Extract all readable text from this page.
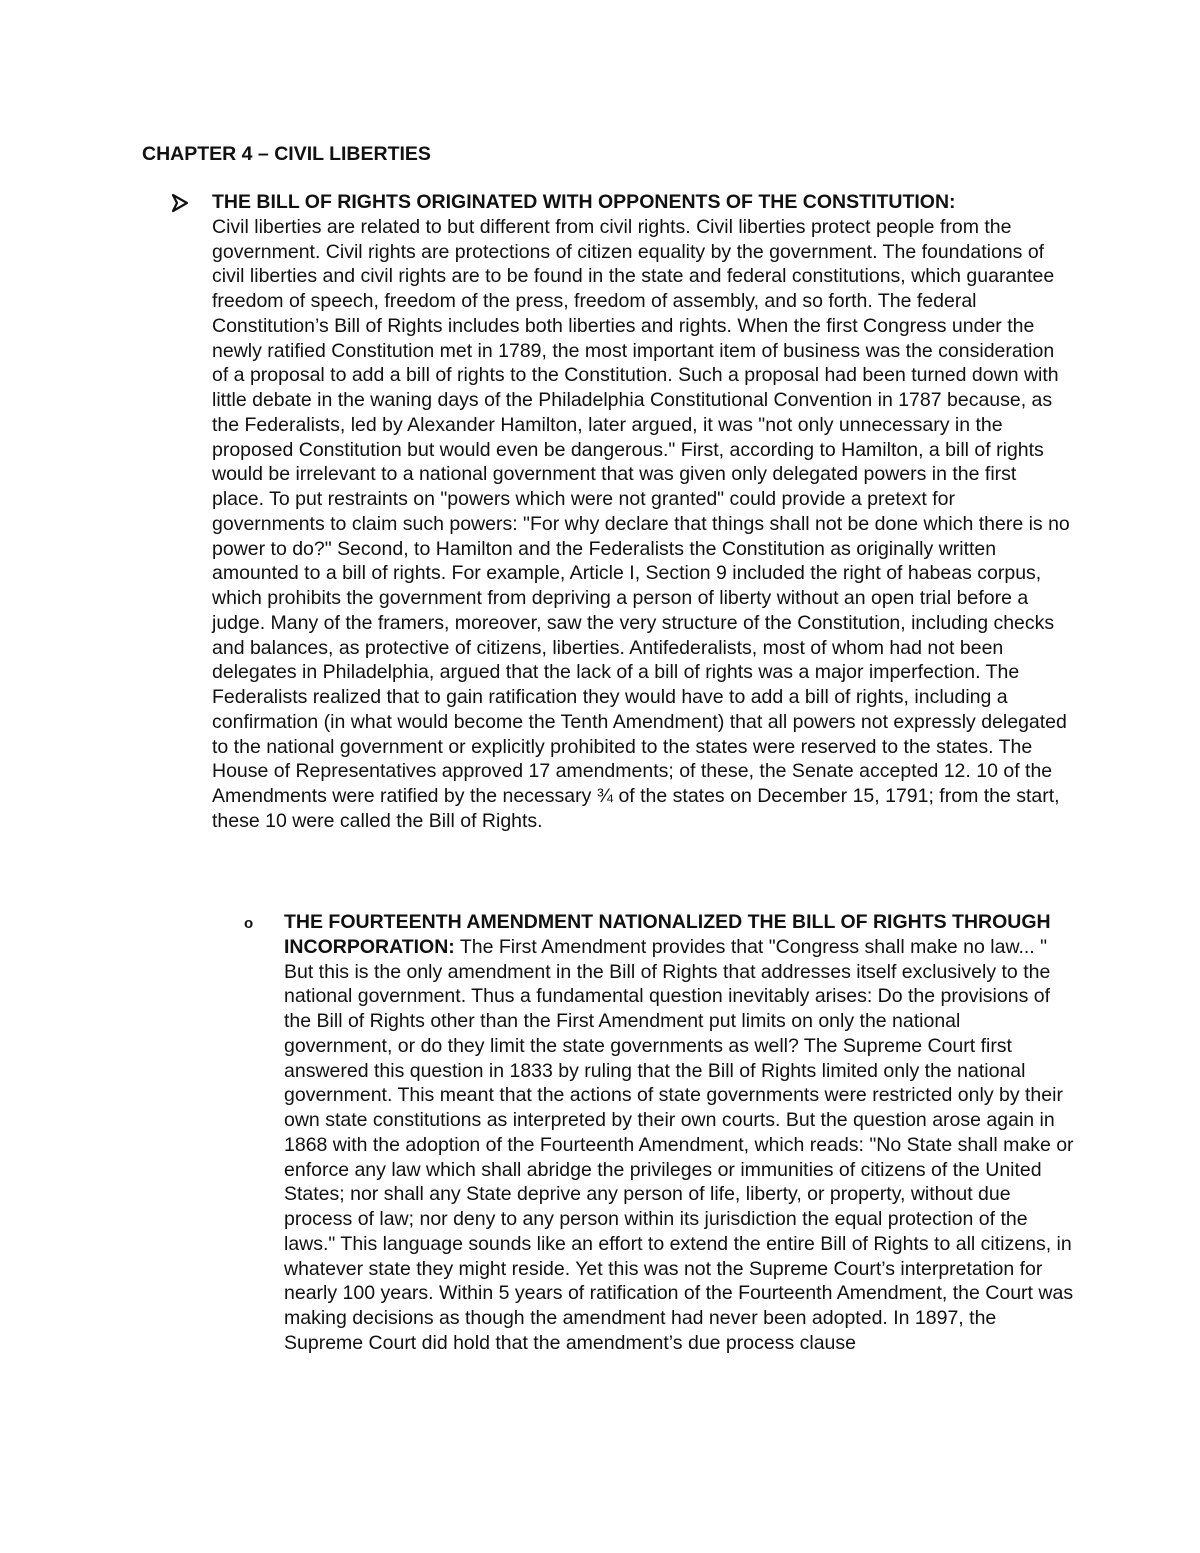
CHAPTER 4 – CIVIL LIBERTIES

THE BILL OF RIGHTS ORIGINATED WITH OPPONENTS OF THE CONSTITUTION:
Civil liberties are related to but different from civil rights. Civil liberties protect people from the government. Civil rights are protections of citizen equality by the government. The foundations of civil liberties and civil rights are to be found in the state and federal constitutions, which guarantee freedom of speech, freedom of the press, freedom of assembly, and so forth. The federal Constitution’s Bill of Rights includes both liberties and rights. When the first Congress under the newly ratified Constitution met in 1789, the most important item of business was the consideration of a proposal to add a bill of rights to the Constitution. Such a proposal had been turned down with little debate in the waning days of the Philadelphia Constitutional Convention in 1787 because, as the Federalists, led by Alexander Hamilton, later argued, it was "not only unnecessary in the proposed Constitution but would even be dangerous." First, according to Hamilton, a bill of rights would be irrelevant to a national government that was given only delegated powers in the first place. To put restraints on "powers which were not granted" could provide a pretext for governments to claim such powers: "For why declare that things shall not be done which there is no power to do?" Second, to Hamilton and the Federalists the Constitution as originally written amounted to a bill of rights. For example, Article I, Section 9 included the right of habeas corpus, which prohibits the government from depriving a person of liberty without an open trial before a judge. Many of the framers, moreover, saw the very structure of the Constitution, including checks and balances, as protective of citizens, liberties. Antifederalists, most of whom had not been delegates in Philadelphia, argued that the lack of a bill of rights was a major imperfection. The Federalists realized that to gain ratification they would have to add a bill of rights, including a confirmation (in what would become the Tenth Amendment) that all powers not expressly delegated to the national government or explicitly prohibited to the states were reserved to the states. The House of Representatives approved 17 amendments; of these, the Senate accepted 12. 10 of the Amendments were ratified by the necessary ¾ of the states on December 15, 1791; from the start, these 10 were called the Bill of Rights.

o THE FOURTEENTH AMENDMENT NATIONALIZED THE BILL OF RIGHTS THROUGH INCORPORATION: The First Amendment provides that "Congress shall make no law... " But this is the only amendment in the Bill of Rights that addresses itself exclusively to the national government. Thus a fundamental question inevitably arises: Do the provisions of the Bill of Rights other than the First Amendment put limits on only the national government, or do they limit the state governments as well? The Supreme Court first answered this question in 1833 by ruling that the Bill of Rights limited only the national government. This meant that the actions of state governments were restricted only by their own state constitutions as interpreted by their own courts. But the question arose again in 1868 with the adoption of the Fourteenth Amendment, which reads: "No State shall make or enforce any law which shall abridge the privileges or immunities of citizens of the United States; nor shall any State deprive any person of life, liberty, or property, without due process of law; nor deny to any person within its jurisdiction the equal protection of the laws." This language sounds like an effort to extend the entire Bill of Rights to all citizens, in whatever state they might reside. Yet this was not the Supreme Court’s interpretation for nearly 100 years. Within 5 years of ratification of the Fourteenth Amendment, the Court was making decisions as though the amendment had never been adopted. In 1897, the Supreme Court did hold that the amendment’s due process clause
